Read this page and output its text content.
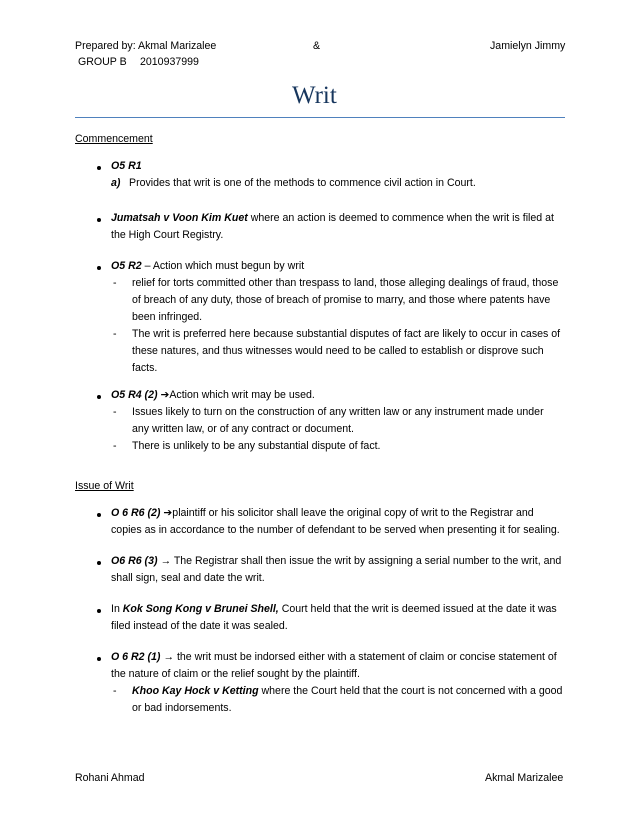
Prepared by: Akmal Marizalee	&	Jamielyn Jimmy
GROUP B 2010937999
Writ
Commencement
O5 R1
a) Provides that writ is one of the methods to commence civil action in Court.
Jumatsah v Voon Kim Kuet where an action is deemed to commence when the writ is filed at
the High Court Registry.
O5 R2 – Action which must begun by writ
- relief for torts committed other than trespass to land, those alleging dealings of fraud, those
of breach of any duty, those of breach of promise to marry, and those where patents have
been infringed.
- The writ is preferred here because substantial disputes of fact are likely to occur in cases of
these natures, and thus witnesses would need to be called to establish or disprove such
facts.
O5 R4 (2) ➔Action which writ may be used.
- Issues likely to turn on the construction of any written law or any instrument made under
any written law, or of any contract or document.
- There is unlikely to be any substantial dispute of fact.
Issue of Writ
O 6 R6 (2) ➔plaintiff or his solicitor shall leave the original copy of writ to the Registrar and
copies as in accordance to the number of defendant to be served when presenting it for sealing.
O6 R6 (3) → The Registrar shall then issue the writ by assigning a serial number to the writ, and
shall sign, seal and date the writ.
In Kok Song Kong v Brunei Shell, Court held that the writ is deemed issued at the date it was
filed instead of the date it was sealed.
O 6 R2 (1) → the writ must be indorsed either with a statement of claim or concise statement of
the nature of claim or the relief sought by the plaintiff.
- Khoo Kay Hock v Ketting where the Court held that the court is not concerned with a good
or bad indorsements.
Rohani Ahmad	Akmal Marizalee
